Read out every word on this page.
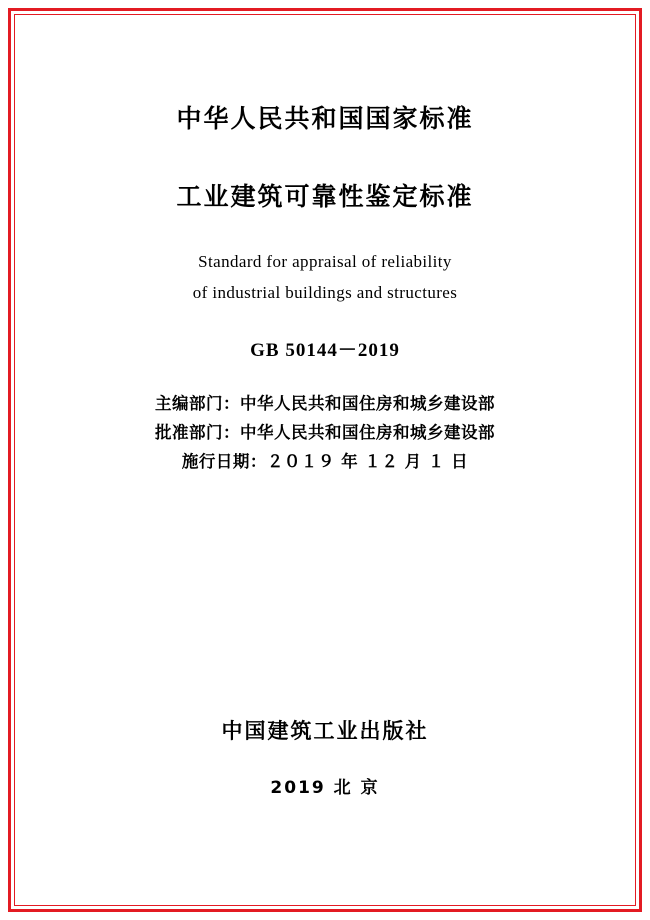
中华人民共和国国家标准
工业建筑可靠性鉴定标准
Standard for appraisal of reliability
of industrial buildings and structures
GB 50144－2019
主编部门：中华人民共和国住房和城乡建设部
批准部门：中华人民共和国住房和城乡建设部
施行日期：２０１９ 年 １２ 月 １ 日
中国建筑工业出版社
2019 北 京
